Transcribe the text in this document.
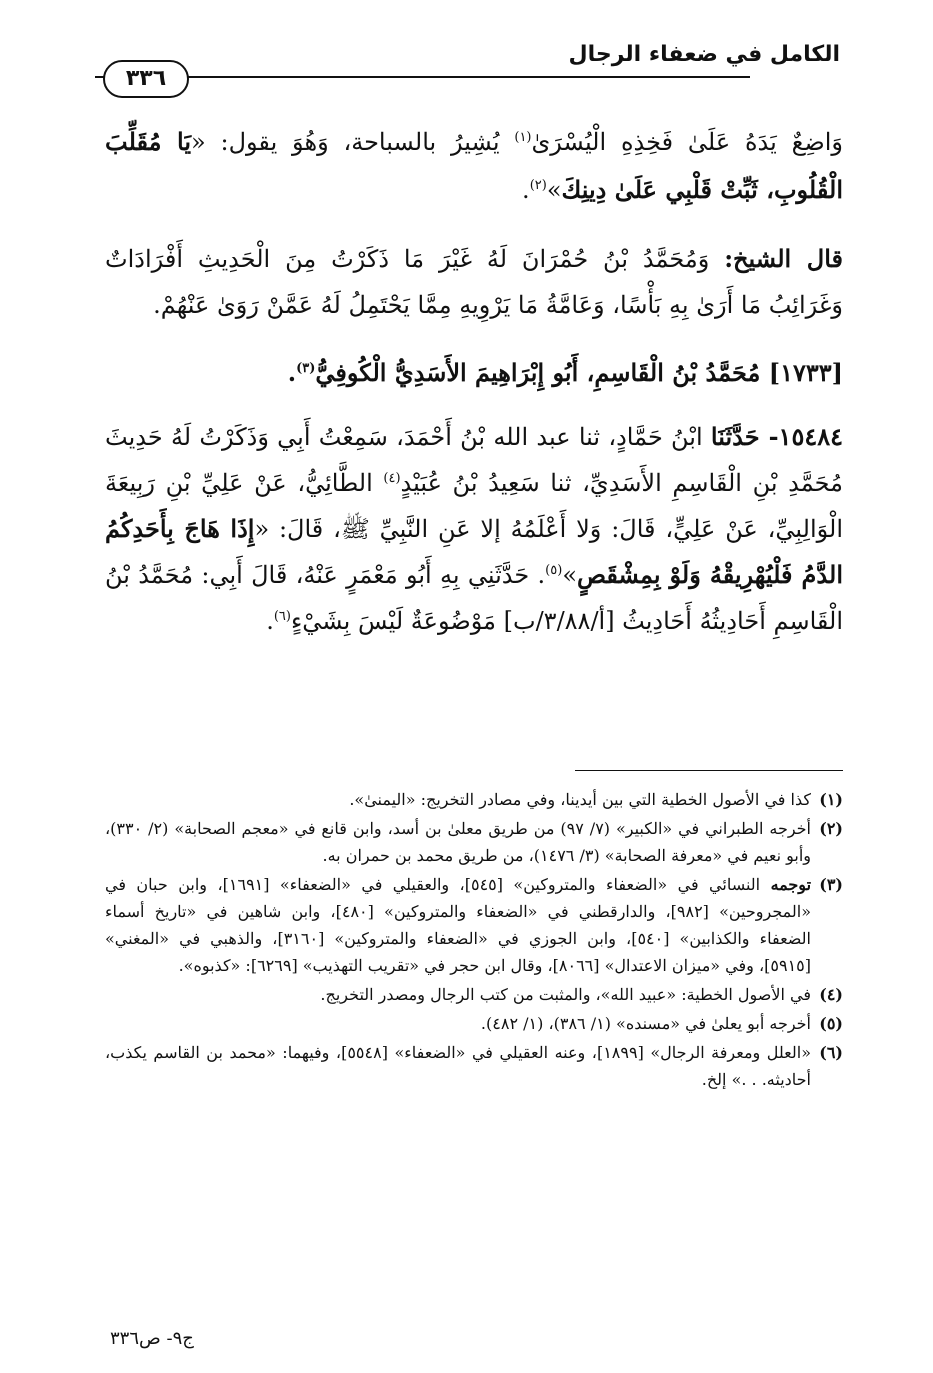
الكامل في ضعفاء الرجال
٣٣٦

وَاضِعٌ يَدَهُ عَلَىٰ فَخِذِهِ الْيُسْرَىٰ$^{(١)}$ يُشِيرُ بالسباحة، وَهُوَ يقول: «يَا مُقَلِّبَ الْقُلُوبِ، ثَبِّتْ قَلْبِي عَلَىٰ دِينِكَ»$^{(٢)}$.

قال الشيخ: وَمُحَمَّدُ بْنُ حُمْرَانَ لَهُ غَيْرَ مَا ذَكَرْتُ مِنَ الْحَدِيثِ أَفْرَادَاتٌ وَغَرَائِبُ مَا أَرَىٰ بِهِ بَأْسًا، وَعَامَّةُ مَا يَرْوِيهِ مِمَّا يَحْتَمِلُ لَهُ عَمَّنْ رَوَىٰ عَنْهُمْ.

[١٧٣٣] مُحَمَّدُ بْنُ الْقَاسِمِ، أَبُو إِبْرَاهِيمَ الأَسَدِيُّ الْكُوفِيُّ$^{(٣)}$.

١٥٤٨٤- حَدَّثَنَا ابْنُ حَمَّادٍ، ثنا عبد الله بْنُ أَحْمَدَ، سَمِعْتُ أَبِي وَذَكَرْتُ لَهُ حَدِيثَ مُحَمَّدِ بْنِ الْقَاسِمِ الأَسَدِيِّ، ثنا سَعِيدُ بْنُ عُبَيْدٍ$^{(٤)}$ الطَّائِيُّ، عَنْ عَلِيِّ بْنِ رَبِيعَةَ الْوَالِبِيِّ، عَنْ عَلِيٍّ، قَالَ: وَلا أَعْلَمُهُ إلا عَنِ النَّبِيِّ ﷺ، قَالَ: «إِذَا هَاجَ بِأَحَدِكُمُ الدَّمُ فَلْيُهْرِيقْهُ وَلَوْ بِمِشْقَصٍ»$^{(٥)}$. حَدَّثَنِي بِهِ أَبُو مَعْمَرٍ عَنْهُ، قَالَ أَبِي: مُحَمَّدُ بْنُ الْقَاسِمِ أَحَادِيثُهُ أَحَادِيثُ [أ/٣/٨٨/ب] مَوْضُوعَةٌ لَيْسَ بِشَيْءٍ$^{(٦)}$.

(١)
كذا في الأصول الخطية التي بين أيدينا، وفي مصادر التخريج: «اليمنىٰ».
(٢)
أخرجه الطبراني في «الكبير» (٧/ ٩٧) من طريق معلىٰ بن أسد، وابن قانع في «معجم الصحابة» (٢/ ٣٣٠)، وأبو نعيم في «معرفة الصحابة» (٣/ ١٤٧٦)، من طريق محمد بن حمران به.
(٣)
توجمه النسائي في «الضعفاء والمتروكين» [٥٤٥]، والعقيلي في «الضعفاء» [١٦٩١]، وابن حبان في «المجروحين» [٩٨٢]، والدارقطني في «الضعفاء والمتروكين» [٤٨٠]، وابن شاهين في «تاريخ أسماء الضعفاء والكذابين» [٥٤٠]، وابن الجوزي في «الضعفاء والمتروكين» [٣١٦٠]، والذهبي في «المغني» [٥٩١٥]، وفي «ميزان الاعتدال» [٨٠٦٦]، وقال ابن حجر في «تقريب التهذيب» [٦٢٦٩]: «كذبوه».
(٤)
في الأصول الخطية: «عبيد الله»، والمثبت من كتب الرجال ومصدر التخريج.
(٥)
أخرجه أبو يعلىٰ في «مسنده» (١/ ٣٨٦)، (١/ ٤٨٢).
(٦)
«العلل ومعرفة الرجال» [١٨٩٩]، وعنه العقيلي في «الضعفاء» [٥٥٤٨]، وفيهما: «محمد بن القاسم يكذب، أحاديثه. . .» إلخ.
ج٩- ص٣٣٦
